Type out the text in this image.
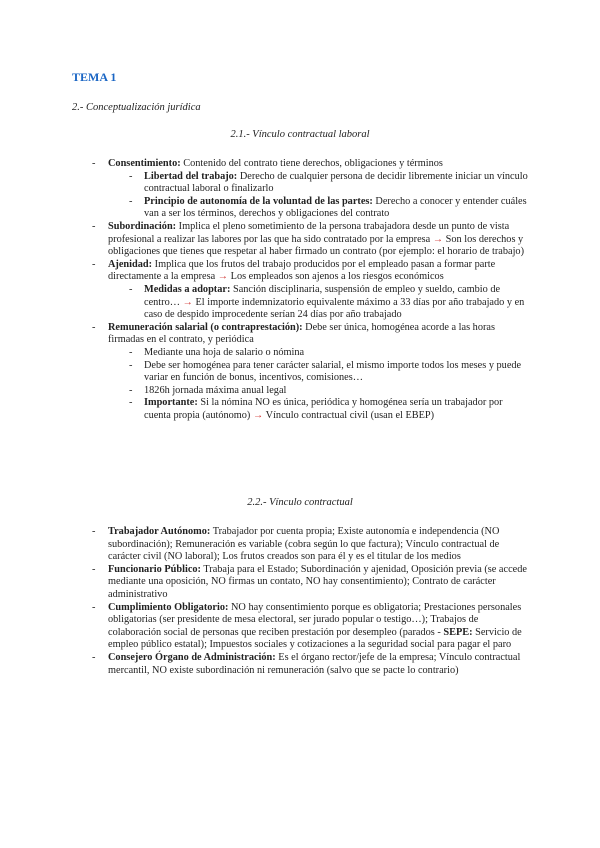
TEMA 1

2.- Conceptualización jurídica

2.1.- Vínculo contractual laboral

- Consentimiento: Contenido del contrato tiene derechos, obligaciones y términos
- Libertad del trabajo: Derecho de cualquier persona de decidir libremente iniciar un vínculo contractual laboral o finalizarlo
- Principio de autonomía de la voluntad de las partes: Derecho a conocer y entender cuáles van a ser los términos, derechos y obligaciones del contrato
- Subordinación: Implica el pleno sometimiento de la persona trabajadora desde un punto de vista profesional a realizar las labores por las que ha sido contratado por la empresa → Son los derechos y obligaciones que tienes que respetar al haber firmado un contrato (por ejemplo: el horario de trabajo)
- Ajenidad: Implica que los frutos del trabajo producidos por el empleado pasan a formar parte directamente a la empresa → Los empleados son ajenos a los riesgos económicos
- Medidas a adoptar: Sanción disciplinaria, suspensión de empleo y sueldo, cambio de centro… → El importe indemnizatorio equivalente máximo a 33 días por año trabajado y en caso de despido improcedente serían 24 días por año trabajado
- Remuneración salarial (o contraprestación): Debe ser única, homogénea acorde a las horas firmadas en el contrato, y periódica
- Mediante una hoja de salario o nómina
- Debe ser homogénea para tener carácter salarial, el mismo importe todos los meses y puede variar en función de bonus, incentivos, comisiones…
- 1826h jornada máxima anual legal
- Importante: Si la nómina NO es única, periódica y homogénea sería un trabajador por cuenta propia (autónomo) → Vínculo contractual civil (usan el EBEP)

2.2.- Vínculo contractual

- Trabajador Autónomo: Trabajador por cuenta propia; Existe autonomía e independencia (NO subordinación); Remuneración es variable (cobra según lo que factura); Vínculo contractual de carácter civil (NO laboral); Los frutos creados son para él y es el titular de los medios
- Funcionario Público: Trabaja para el Estado; Subordinación y ajenidad, Oposición previa (se accede mediante una oposición, NO firmas un contato, NO hay consentimiento); Contrato de carácter administrativo
- Cumplimiento Obligatorio: NO hay consentimiento porque es obligatoria; Prestaciones personales obligatorias (ser presidente de mesa electoral, ser jurado popular o testigo…); Trabajos de colaboración social de personas que reciben prestación por desempleo (parados - SEPE: Servicio de empleo público estatal); Impuestos sociales y cotizaciones a la seguridad social para pagar el paro
- Consejero Órgano de Administración: Es el órgano rector/jefe de la empresa; Vínculo contractual mercantil, NO existe subordinación ni remuneración (salvo que se pacte lo contrario)
